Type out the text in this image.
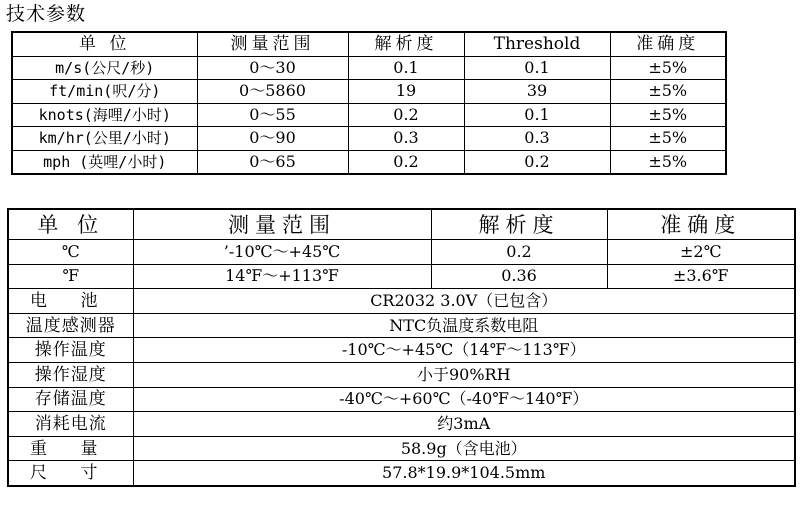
技术参数
单 位	测量范围	解析度	Threshold	准确度
m/s(公尺/秒)	0～30	0.1	0.1	±5%
ft/min(呎/分)	0～5860	19	39	±5%
knots(海哩/小时)	0～55	0.2	0.1	±5%
km/hr(公里/小时)	0～90	0.3	0.3	±5%
mph (英哩/小时)	0～65	0.2	0.2	±5%
单 位	测量范围	解析度	准确度
℃	’-10℃～+45℃	0.2	±2℃
℉	14℉～+113℉	0.36	±3.6℉
电 池	CR2032 3.0V（已包含）		
温度感测器	NTC负温度系数电阻		
操作温度	-10℃～+45℃（14℉～113℉）		
操作湿度	小于90%RH		
存储温度	-40℃～+60℃（-40℉～140℉）		
消耗电流	约3mA		
重 量	58.9g（含电池）		
尺 寸	57.8*19.9*104.5mm		
